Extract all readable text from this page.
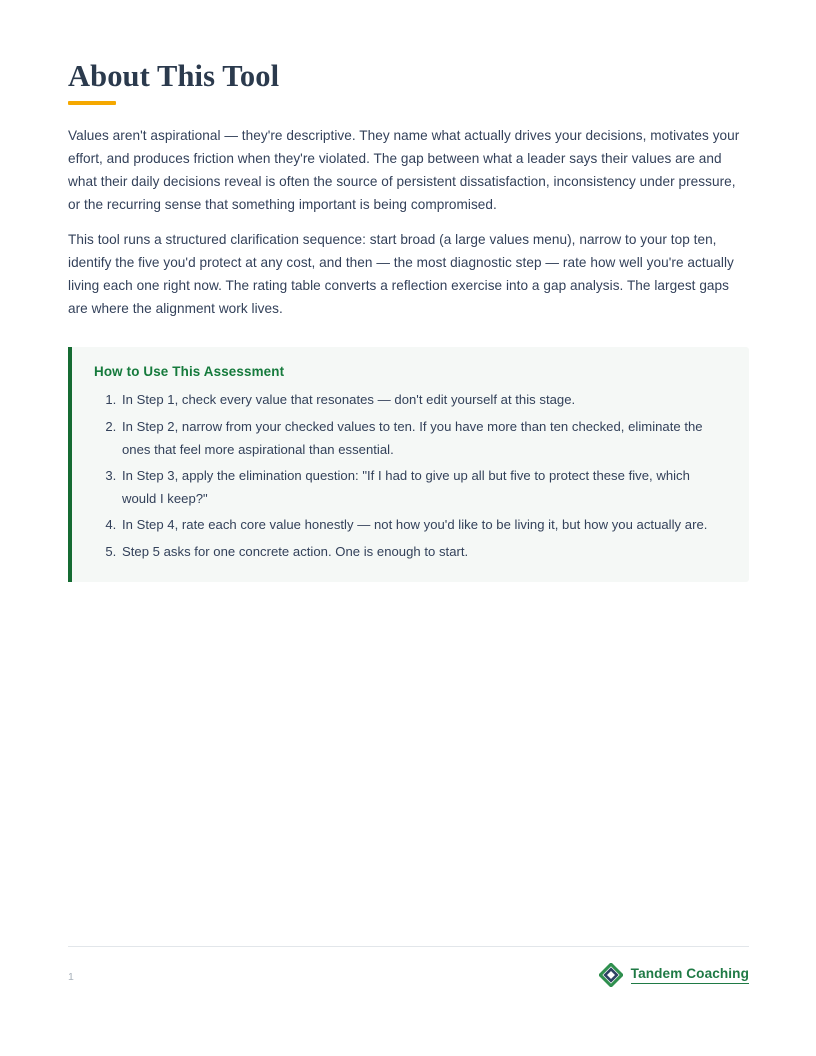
About This Tool

Values aren't aspirational — they're descriptive. They name what actually drives your decisions, motivates your effort, and produces friction when they're violated. The gap between what a leader says their values are and what their daily decisions reveal is often the source of persistent dissatisfaction, inconsistency under pressure, or the recurring sense that something important is being compromised.

This tool runs a structured clarification sequence: start broad (a large values menu), narrow to your top ten, identify the five you'd protect at any cost, and then — the most diagnostic step — rate how well you're actually living each one right now. The rating table converts a reflection exercise into a gap analysis. The largest gaps are where the alignment work lives.

How to Use This Assessment
1. In Step 1, check every value that resonates — don't edit yourself at this stage.
2. In Step 2, narrow from your checked values to ten. If you have more than ten checked, eliminate the ones that feel more aspirational than essential.
3. In Step 3, apply the elimination question: "If I had to give up all but five to protect these five, which would I keep?"
4. In Step 4, rate each core value honestly — not how you'd like to be living it, but how you actually are.
5. Step 5 asks for one concrete action. One is enough to start.
1	Tandem Coaching
